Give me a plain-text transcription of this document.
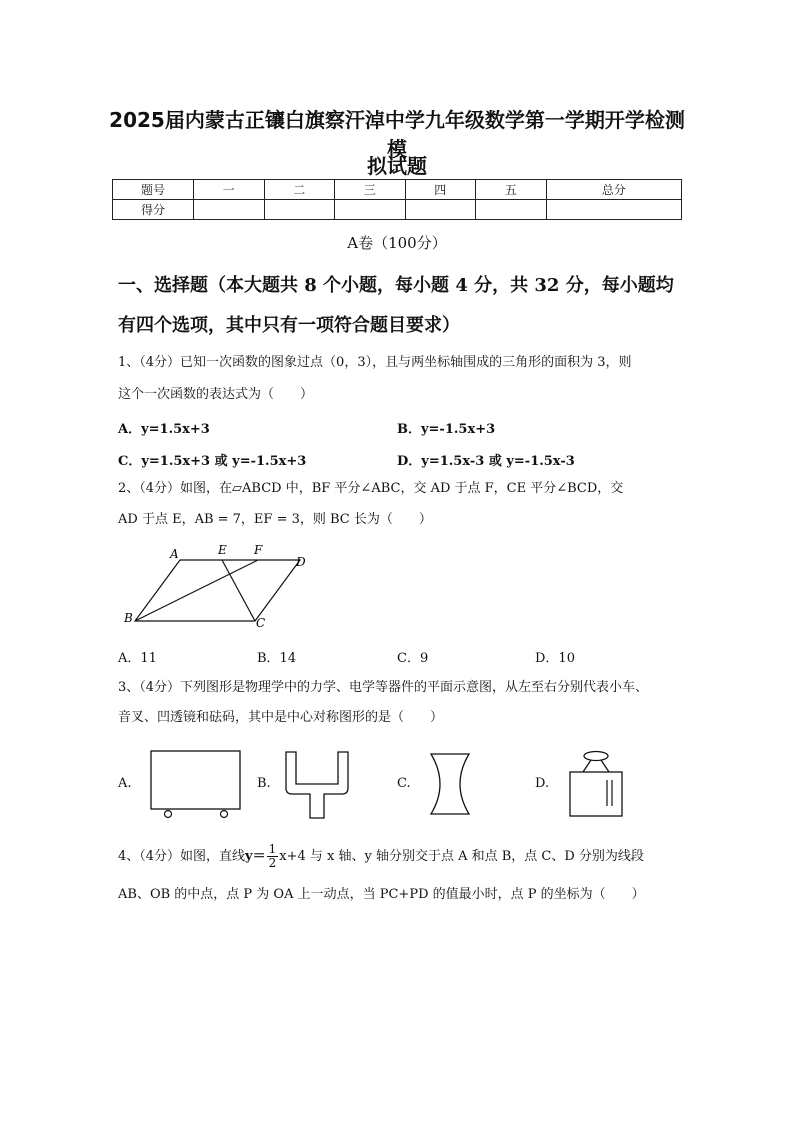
2025届内蒙古正镶白旗察汗淖中学九年级数学第一学期开学检测模
拟试题
题号	一	二	三	四	五	总分
得分						
A卷（100分）
一、选择题（本大题共 8 个小题，每小题 4 分，共 32 分，每小题均
有四个选项，其中只有一项符合题目要求）
1、（4分）已知一次函数的图象过点（0，3），且与两坐标轴围成的三角形的面积为 3，则
这个一次函数的表达式为（　　）
A．y=1.5x+3	B．y=-1.5x+3
C．y=1.5x+3 或 y=-1.5x+3	D．y=1.5x-3 或 y=-1.5x-3
2、（4分）如图，在▱ABCD 中，BF 平分∠ABC，交 AD 于点 F，CE 平分∠BCD，交
AD 于点 E，AB = 7，EF = 3，则 BC 长为（　　）
A	E F
D
B	C
A．11	B．14	C．9	D．10
3、（4分）下列图形是物理学中的力学、电学等器件的平面示意图，从左至右分别代表小车、
音叉、凹透镜和砝码，其中是中心对称图形的是（　　）
A.	B.	C.	D.
4、（4分）如图，直线$y= \frac{1}{2} x+4$ 与 x 轴、y 轴分别交于点 A 和点 B，点 C、D 分别为线段
AB、OB 的中点，点 P 为 OA 上一动点，当 PC+PD 的值最小时，点 P 的坐标为（　　）
